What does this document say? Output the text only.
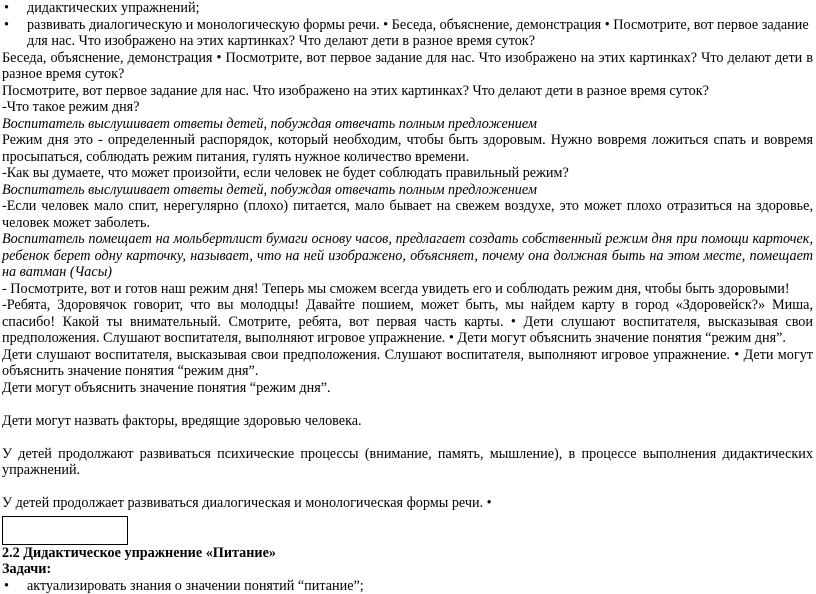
•	дидактических упражнений;
•	развивать диалогическую и монологическую формы речи. • Беседа, объяснение, демонстрация • Посмотрите, вот первое задание для нас. Что изображено на этих картинках? Что делают дети в разное время суток?

Беседа, объяснение, демонстрация • Посмотрите, вот первое задание для нас. Что изображено на этих картинках? Что делают дети в разное время суток?

Посмотрите, вот первое задание для нас. Что изображено на этих картинках? Что делают дети в разное время суток?

-Что такое режим дня?

Воспитатель выслушивает ответы детей, побуждая отвечать полным предложением

Режим дня это - определенный распорядок, который необходим, чтобы быть здоровым. Нужно вовремя ложиться спать и вовремя просыпаться, соблюдать режим питания, гулять нужное количество времени.

-Как вы думаете, что может произойти, если человек не будет соблюдать правильный режим?

Воспитатель выслушивает ответы детей, побуждая отвечать полным предложением

-Если человек мало спит, нерегулярно (плохо) питается, мало бывает на свежем воздухе, это может плохо отразиться на здоровье, человек может заболеть.

Воспитатель помещает на мольбертлист бумаги основу часов, предлагает создать собственный режим дня при помощи карточек, ребенок берет одну карточку, называет, что на ней изображено, объясняет, почему она должная быть на этом месте, помещает на ватман (Часы)

- Посмотрите, вот и готов наш режим дня! Теперь мы сможем всегда увидеть его и соблюдать режим дня, чтобы быть здоровыми!

-Ребята, Здоровячок говорит, что вы молодцы! Давайте пошием, может быть, мы найдем карту в город «Здоровейск?» Миша, спасибо! Какой ты внимательный. Смотрите, ребята, вот первая часть карты. • Дети слушают воспитателя, высказывая свои предположения. Слушают воспитателя, выполняют игровое упражнение. • Дети могут объяснить значение понятия “режим дня”.

Дети слушают воспитателя, высказывая свои предположения. Слушают воспитателя, выполняют игровое упражнение. • Дети могут объяснить значение понятия “режим дня”.

Дети могут объяснить значение понятия “режим дня”.

Дети могут назвать факторы, вредящие здоровью человека.

У детей продолжают развиваться психические процессы (внимание, память, мышление), в процессе выполнения дидактических упражнений.

У детей продолжает развиваться диалогическая и монологическая формы речи. •

2.2 Дидактическое упражнение «Питание»

Задачи:

•	актуализировать знания о значении понятий “питание”;
